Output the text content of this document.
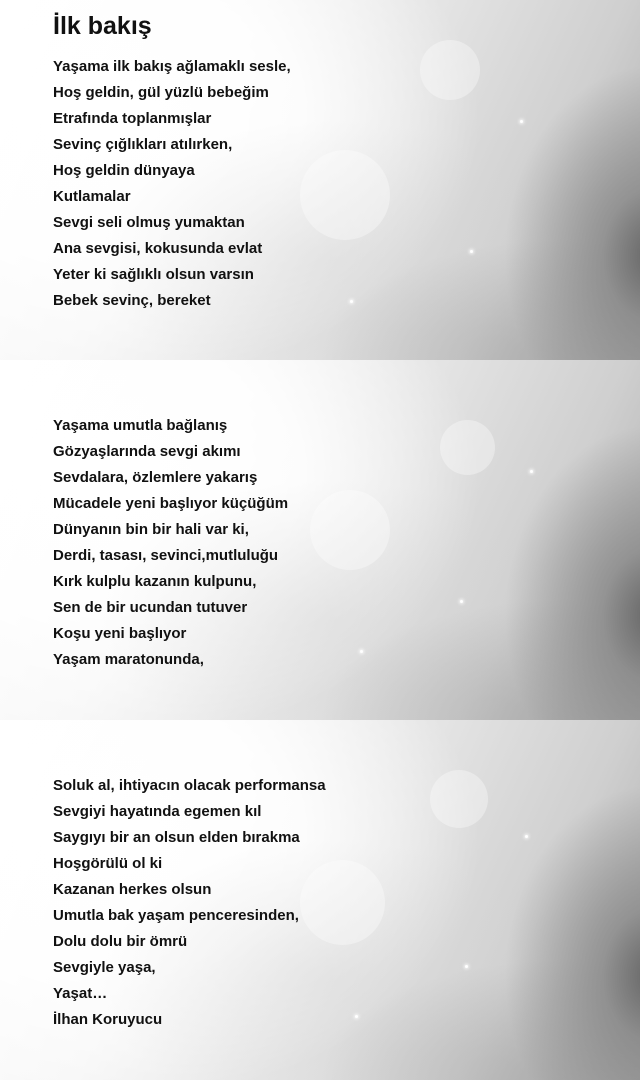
İlk bakış
Yaşama ilk bakış ağlamaklı sesle,
Hoş geldin, gül yüzlü bebeğim
Etrafında toplanmışlar
Sevinç çığlıkları atılırken,
Hoş geldin dünyaya
Kutlamalar
Sevgi seli olmuş yumaktan
Ana sevgisi, kokusunda evlat
Yeter ki sağlıklı olsun varsın
Bebek sevinç, bereket
Yaşama umutla bağlanış
Gözyaşlarında sevgi akımı
Sevdalara, özlemlere yakarış
Mücadele yeni başlıyor küçüğüm
Dünyanın bin bir hali var ki,
Derdi, tasası, sevinci,mutluluğu
Kırk kulplu kazanın kulpunu,
Sen de bir ucundan tutuver
Koşu yeni başlıyor
Yaşam maratonunda,
Soluk al, ihtiyacın olacak performansa
Sevgiyi hayatında egemen kıl
Saygıyı bir an olsun elden bırakma
Hoşgörülü ol ki
Kazanan herkes olsun
Umutla bak yaşam penceresinden,
Dolu dolu bir ömrü
Sevgiyle yaşa,
Yaşat…
İlhan Koruyucu
